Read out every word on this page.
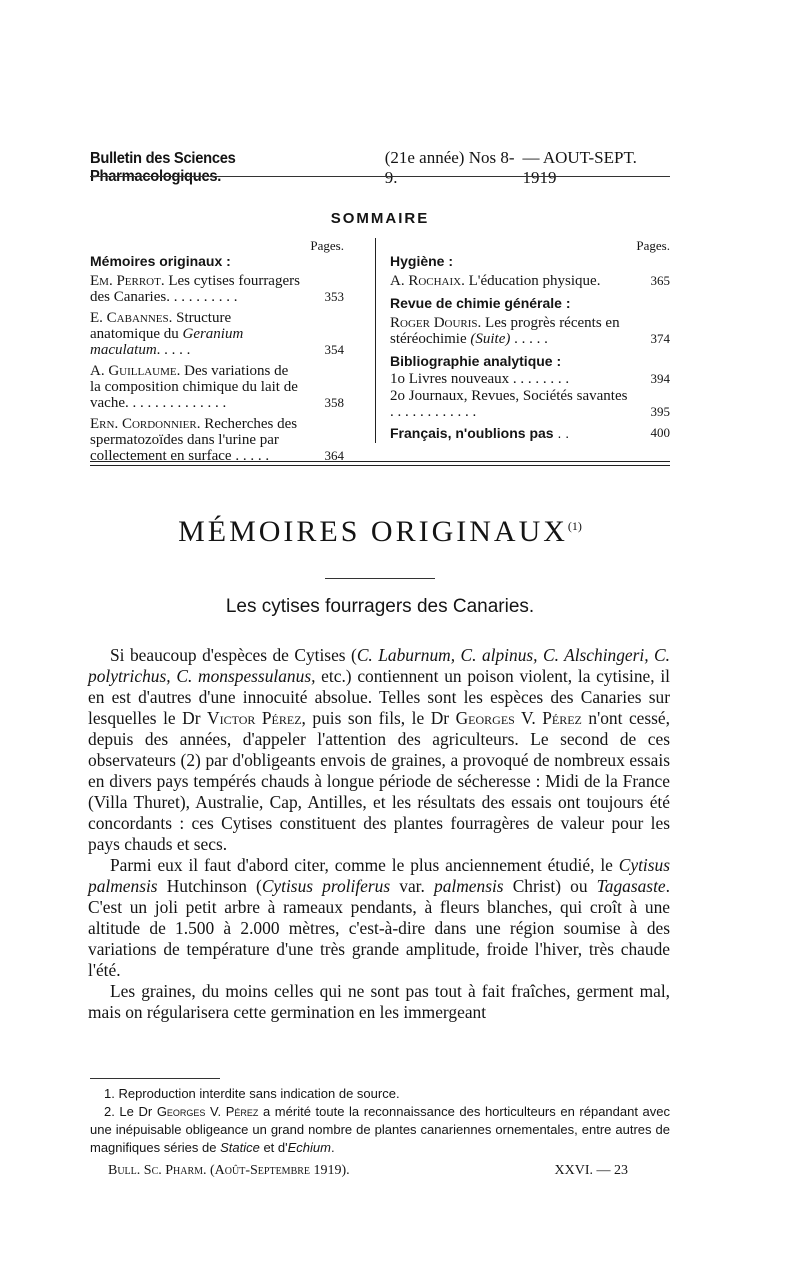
Bulletin des Sciences Pharmacologiques.
(21e année) Nos 8-9.
— AOUT-SEPT. 1919
SOMMAIRE
Pages.
Mémoires originaux :
Em. Perrot. Les cytises fourragers des Canaries. . . . . . . . . .	353
E. Cabannes. Structure anatomique du Geranium maculatum. . . . .	354
A. Guillaume. Des variations de la composition chimique du lait de vache. . . . . . . . . . . . . .	358
Ern. Cordonnier. Recherches des spermatozoïdes dans l'urine par collectement en surface . . . . .	364
Pages.
Hygiène :
A. Rochaix. L'éducation physique.	365
Revue de chimie générale :
Roger Douris. Les progrès récents en stéréochimie (Suite) . . . . .	374
Bibliographie analytique :
1o Livres nouveaux . . . . . . . .	394
2o Journaux, Revues, Sociétés savantes . . . . . . . . . . . .	395
Français, n'oublions pas . .	400
MÉMOIRES ORIGINAUX$^{(1)}$
Les cytises fourragers des Canaries.

Si beaucoup d'espèces de Cytises (C. Laburnum, C. alpinus, C. Alschingeri, C. polytrichus, C. monspessulanus, etc.) contiennent un poison violent, la cytisine, il en est d'autres d'une innocuité absolue. Telles sont les espèces des Canaries sur lesquelles le Dr Victor Pérez, puis son fils, le Dr Georges V. Pérez n'ont cessé, depuis des années, d'appeler l'attention des agriculteurs. Le second de ces observateurs (2) par d'obligeants envois de graines, a provoqué de nombreux essais en divers pays tempérés chauds à longue période de sécheresse : Midi de la France (Villa Thuret), Australie, Cap, Antilles, et les résultats des essais ont toujours été concordants : ces Cytises constituent des plantes fourragères de valeur pour les pays chauds et secs.

Parmi eux il faut d'abord citer, comme le plus anciennement étudié, le Cytisus palmensis Hutchinson (Cytisus proliferus var. palmensis Christ) ou Tagasaste. C'est un joli petit arbre à rameaux pendants, à fleurs blanches, qui croît à une altitude de 1.500 à 2.000 mètres, c'est-à-dire dans une région soumise à des variations de température d'une très grande amplitude, froide l'hiver, très chaude l'été.

Les graines, du moins celles qui ne sont pas tout à fait fraîches, germent mal, mais on régularisera cette germination en les immergeant

1. Reproduction interdite sans indication de source.

2. Le Dr Georges V. Pérez a mérité toute la reconnaissance des horticulteurs en répandant avec une inépuisable obligeance un grand nombre de plantes canariennes ornementales, entre autres de magnifiques séries de Statice et d'Echium.

Bull. Sc. Pharm. (Août-Septembre 1919).	XXVI. — 23
